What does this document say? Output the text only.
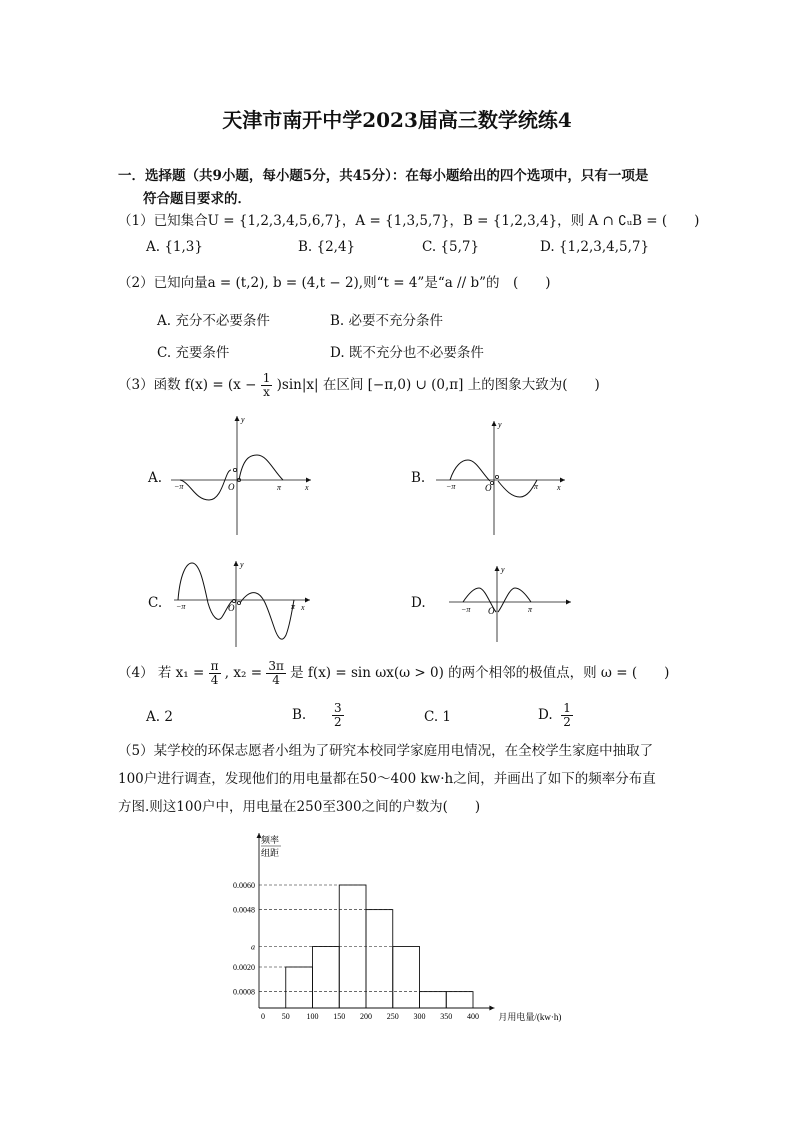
天津市南开中学2023届高三数学统练4
一．选择题（共9小题，每小题5分，共45分）：在每小题给出的四个选项中，只有一项是
符合题目要求的．
（1）已知集合U = {1,2,3,4,5,6,7}，A = {1,3,5,7}，B = {1,2,3,4}，则 A ∩ ∁ᵤB = (　　)
A. {1,3}	B. {2,4}	C. {5,7}	D. {1,2,3,4,5,7}
（2）已知向量a = (t,2), b = (4,t − 2),则“t = 4”是“a // b”的　(　　)
A. 充分不必要条件	B. 必要不充分条件
C. 充要条件	D. 既不充分也不必要条件
（3）函数 $f(x) = (x - \frac{1}{x} )\sin|x|$ 在区间 [−π,0) ∪ (0,π] 上的图象大致为(　　)
A.	B.
C.	D.
−π	O	π	x
y
−π	O	π x
y
−π	O	π x
y
−π O	π
y
（4） 若 $x_1 = \frac{\pi}{4}$ , $x_2 = \frac{3\pi}{4}$ 是 f(x) = sin ωx(ω > 0) 的两个相邻的极值点，则 ω = (　　)
A. 2	B. $\frac{3}{2}$	C. 1	D. $\frac{1}{2}$
（5）某学校的环保志愿者小组为了研究本校同学家庭用电情况，在全校学生家庭中抽取了
100户进行调查，发现他们的用电量都在50～400 kw·h之间，并画出了如下的频率分布直
方图.则这100户中，用电量在250至300之间的户数为(　　)
0.0060
0.0048
a
0.0020
0.0008
0 50 100 150 200 250 300 350 400
频率
组距
月用电量/(kw·h)
